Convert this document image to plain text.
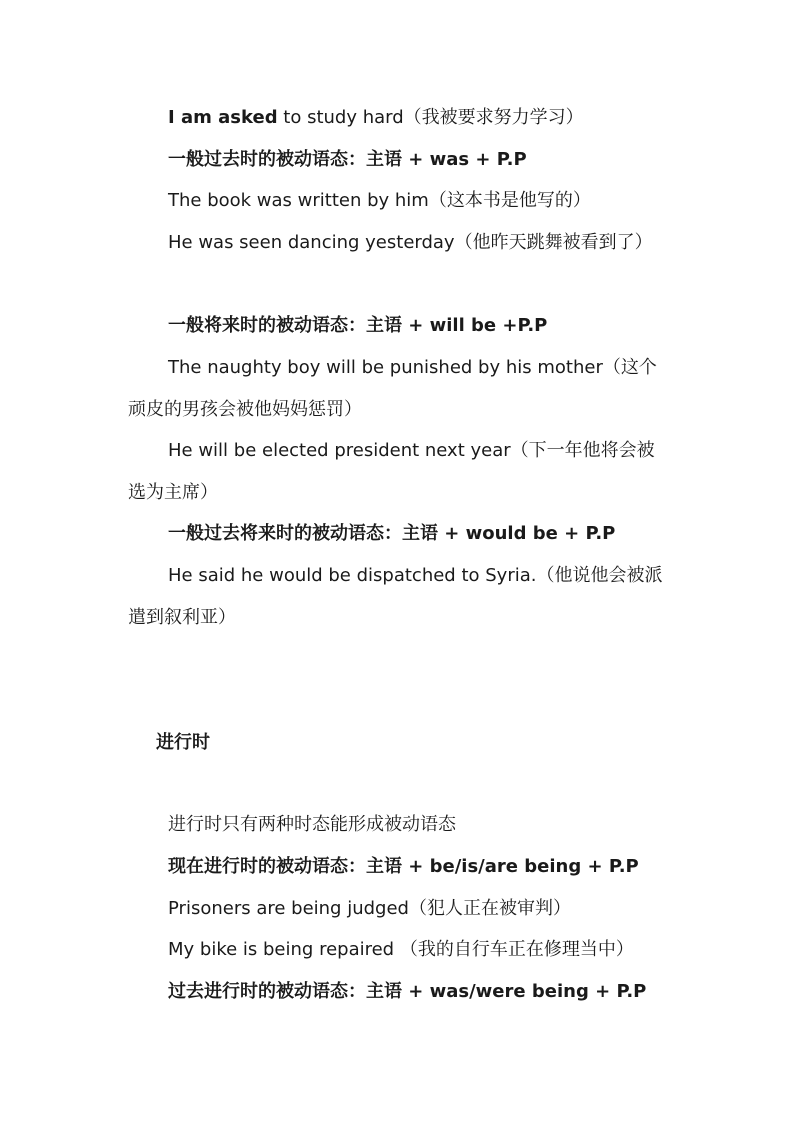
I am asked to study hard（我被要求努力学习）
一般过去时的被动语态：主语 + was + P.P
The book was written by him（这本书是他写的）
He was seen dancing yesterday（他昨天跳舞被看到了）
一般将来时的被动语态：主语 + will be +P.P
The naughty boy will be punished by his mother（这个
顽皮的男孩会被他妈妈惩罚）
He will be elected president next year（下一年他将会被
选为主席）
一般过去将来时的被动语态：主语 + would be + P.P
He said he would be dispatched to Syria.（他说他会被派
遣到叙利亚）
进行时
进行时只有两种时态能形成被动语态
现在进行时的被动语态：主语 + be/is/are being + P.P
Prisoners are being judged（犯人正在被审判）
My bike is being repaired （我的自行车正在修理当中）
过去进行时的被动语态：主语 + was/were being + P.P
